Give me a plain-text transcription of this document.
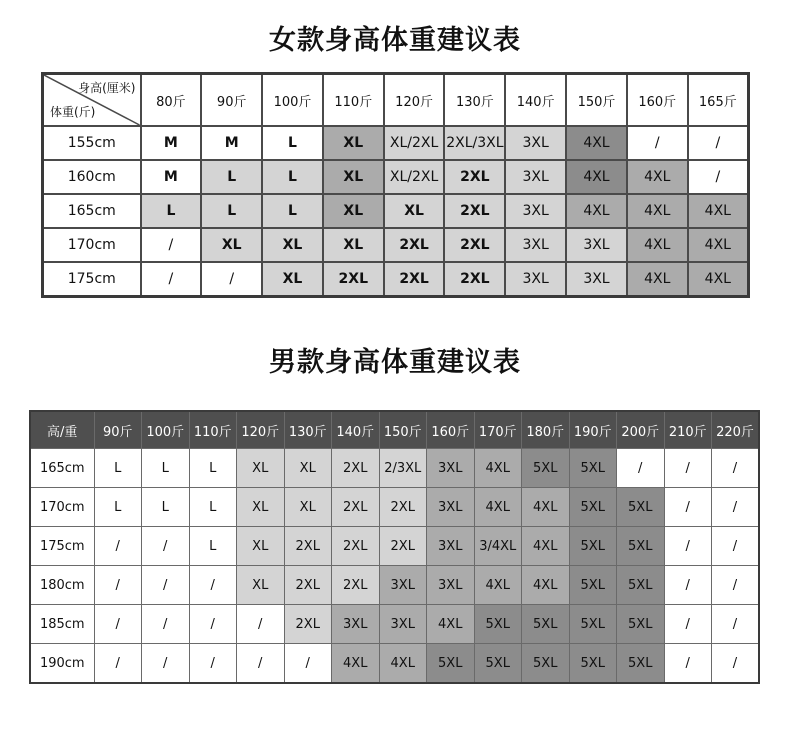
女款身高体重建议表
身高(厘米)
体重(斤)	80斤	90斤	100斤	110斤	120斤	130斤	140斤	150斤	160斤	165斤
155cm	M	M	L	XL	XL/2XL	2XL/3XL	3XL	4XL	/	/
160cm	M	L	L	XL	XL/2XL	2XL	3XL	4XL	4XL	/
165cm	L	L	L	XL	XL	2XL	3XL	4XL	4XL	4XL
170cm	/	XL	XL	XL	2XL	2XL	3XL	3XL	4XL	4XL
175cm	/	/	XL	2XL	2XL	2XL	3XL	3XL	4XL	4XL
男款身高体重建议表
高/重	90斤	100斤	110斤	120斤	130斤	140斤	150斤	160斤	170斤	180斤	190斤	200斤	210斤	220斤
165cm	L	L	L	XL	XL	2XL	2/3XL	3XL	4XL	5XL	5XL	/	/	/
170cm	L	L	L	XL	XL	2XL	2XL	3XL	4XL	4XL	5XL	5XL	/	/
175cm	/	/	L	XL	2XL	2XL	2XL	3XL	3/4XL	4XL	5XL	5XL	/	/
180cm	/	/	/	XL	2XL	2XL	3XL	3XL	4XL	4XL	5XL	5XL	/	/
185cm	/	/	/	/	2XL	3XL	3XL	4XL	5XL	5XL	5XL	5XL	/	/
190cm	/	/	/	/	/	4XL	4XL	5XL	5XL	5XL	5XL	5XL	/	/
